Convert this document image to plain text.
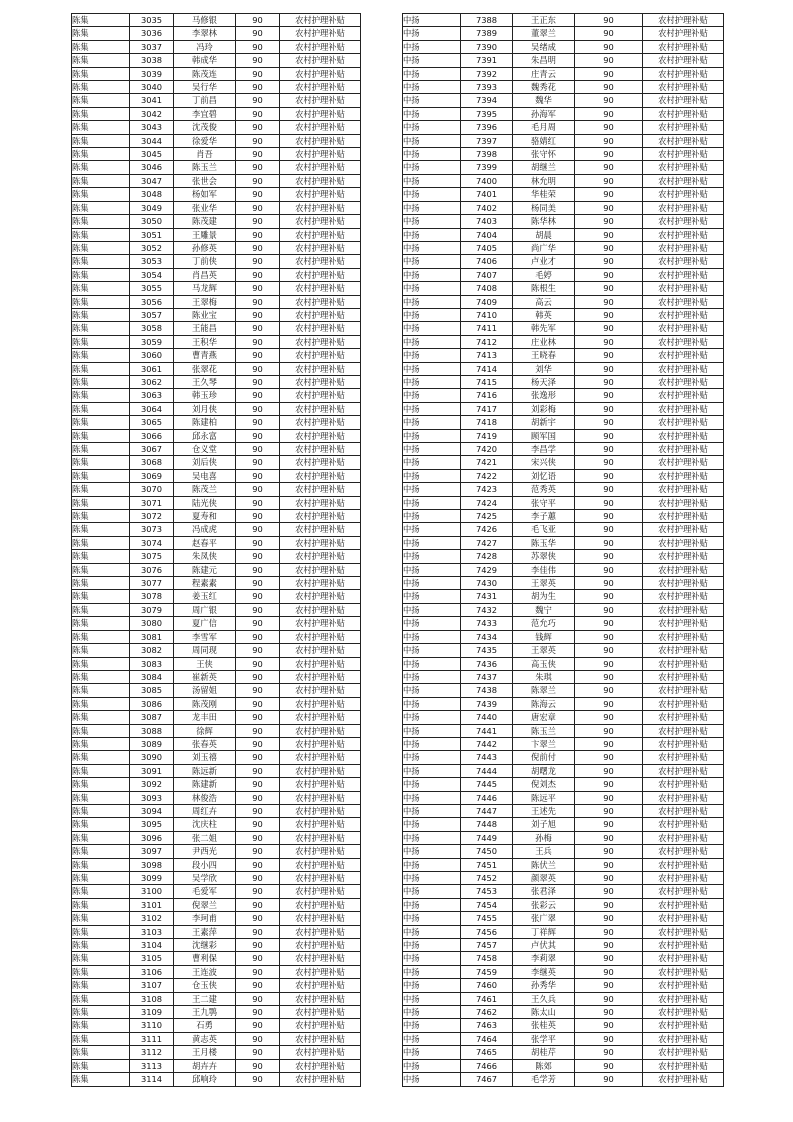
陈集	3035	马修银	90	农村护理补贴
陈集	3036	李翠林	90	农村护理补贴
陈集	3037	冯玲	90	农村护理补贴
陈集	3038	韩成华	90	农村护理补贴
陈集	3039	陈茂连	90	农村护理补贴
陈集	3040	吴行华	90	农村护理补贴
陈集	3041	丁前昌	90	农村护理补贴
陈集	3042	李宜碧	90	农村护理补贴
陈集	3043	沈茂俊	90	农村护理补贴
陈集	3044	徐爱华	90	农村护理补贴
陈集	3045	肖吾	90	农村护理补贴
陈集	3046	陈玉兰	90	农村护理补贴
陈集	3047	张世会	90	农村护理补贴
陈集	3048	杨如军	90	农村护理补贴
陈集	3049	张业华	90	农村护理补贴
陈集	3050	陈茂建	90	农村护理补贴
陈集	3051	王雕景	90	农村护理补贴
陈集	3052	孙修英	90	农村护理补贴
陈集	3053	丁前侠	90	农村护理补贴
陈集	3054	肖昌英	90	农村护理补贴
陈集	3055	马龙辉	90	农村护理补贴
陈集	3056	王翠梅	90	农村护理补贴
陈集	3057	陈业宝	90	农村护理补贴
陈集	3058	王能昌	90	农村护理补贴
陈集	3059	王积华	90	农村护理补贴
陈集	3060	曹青燕	90	农村护理补贴
陈集	3061	张翠花	90	农村护理补贴
陈集	3062	王久琴	90	农村护理补贴
陈集	3063	韩玉珍	90	农村护理补贴
陈集	3064	刘月侠	90	农村护理补贴
陈集	3065	陈建柏	90	农村护理补贴
陈集	3066	邱永富	90	农村护理补贴
陈集	3067	仓义堂	90	农村护理补贴
陈集	3068	刘后侠	90	农村护理补贴
陈集	3069	吴电喜	90	农村护理补贴
陈集	3070	陈茂兰	90	农村护理补贴
陈集	3071	陆光侠	90	农村护理补贴
陈集	3072	夏寿和	90	农村护理补贴
陈集	3073	冯成虎	90	农村护理补贴
陈集	3074	赵春平	90	农村护理补贴
陈集	3075	朱凤侠	90	农村护理补贴
陈集	3076	陈建元	90	农村护理补贴
陈集	3077	程素素	90	农村护理补贴
陈集	3078	姜玉红	90	农村护理补贴
陈集	3079	周广银	90	农村护理补贴
陈集	3080	夏广信	90	农村护理补贴
陈集	3081	李雪军	90	农村护理补贴
陈集	3082	周同现	90	农村护理补贴
陈集	3083	王侠	90	农村护理补贴
陈集	3084	崔新英	90	农村护理补贴
陈集	3085	汤留姐	90	农村护理补贴
陈集	3086	陈茂刚	90	农村护理补贴
陈集	3087	龙丰田	90	农村护理补贴
陈集	3088	徐辉	90	农村护理补贴
陈集	3089	张春英	90	农村护理补贴
陈集	3090	刘玉禧	90	农村护理补贴
陈集	3091	陈远新	90	农村护理补贴
陈集	3092	陈建新	90	农村护理补贴
陈集	3093	林俊浩	90	农村护理补贴
陈集	3094	周红卉	90	农村护理补贴
陈集	3095	沈庆柱	90	农村护理补贴
陈集	3096	张二姐	90	农村护理补贴
陈集	3097	尹西光	90	农村护理补贴
陈集	3098	段小四	90	农村护理补贴
陈集	3099	吴学欣	90	农村护理补贴
陈集	3100	毛爱军	90	农村护理补贴
陈集	3101	倪翠兰	90	农村护理补贴
陈集	3102	李珂甫	90	农村护理补贴
陈集	3103	王素萍	90	农村护理补贴
陈集	3104	沈继彩	90	农村护理补贴
陈集	3105	曹利保	90	农村护理补贴
陈集	3106	王连波	90	农村护理补贴
陈集	3107	仓玉侠	90	农村护理补贴
陈集	3108	王二建	90	农村护理补贴
陈集	3109	王九鹗	90	农村护理补贴
陈集	3110	石勇	90	农村护理补贴
陈集	3111	黄志英	90	农村护理补贴
陈集	3112	王月楼	90	农村护理补贴
陈集	3113	胡卉卉	90	农村护理补贴
陈集	3114	邱响玲	90	农村护理补贴
中扬	7388	王正东	90	农村护理补贴
中扬	7389	董翠兰	90	农村护理补贴
中扬	7390	吴绪成	90	农村护理补贴
中扬	7391	朱昌明	90	农村护理补贴
中扬	7392	庄青云	90	农村护理补贴
中扬	7393	魏秀花	90	农村护理补贴
中扬	7394	魏华	90	农村护理补贴
中扬	7395	孙海军	90	农村护理补贴
中扬	7396	毛月周	90	农村护理补贴
中扬	7397	骆婧红	90	农村护理补贴
中扬	7398	张守怀	90	农村护理补贴
中扬	7399	胡继兰	90	农村护理补贴
中扬	7400	林允明	90	农村护理补贴
中扬	7401	华桂荣	90	农村护理补贴
中扬	7402	杨同美	90	农村护理补贴
中扬	7403	陈华林	90	农村护理补贴
中扬	7404	胡晨	90	农村护理补贴
中扬	7405	尚广华	90	农村护理补贴
中扬	7406	卢业才	90	农村护理补贴
中扬	7407	毛婷	90	农村护理补贴
中扬	7408	陈根生	90	农村护理补贴
中扬	7409	高云	90	农村护理补贴
中扬	7410	韩英	90	农村护理补贴
中扬	7411	韩先军	90	农村护理补贴
中扬	7412	庄业林	90	农村护理补贴
中扬	7413	王晓春	90	农村护理补贴
中扬	7414	刘华	90	农村护理补贴
中扬	7415	杨天泽	90	农村护理补贴
中扬	7416	张逸形	90	农村护理补贴
中扬	7417	刘彩梅	90	农村护理补贴
中扬	7418	胡新宇	90	农村护理补贴
中扬	7419	顾军国	90	农村护理补贴
中扬	7420	李昌学	90	农村护理补贴
中扬	7421	宋兴侠	90	农村护理补贴
中扬	7422	刘忆语	90	农村护理补贴
中扬	7423	范秀英	90	农村护理补贴
中扬	7424	张守平	90	农村护理补贴
中扬	7425	李子蕙	90	农村护理补贴
中扬	7426	毛飞亚	90	农村护理补贴
中扬	7427	陈玉华	90	农村护理补贴
中扬	7428	苏翠侠	90	农村护理补贴
中扬	7429	李佳伟	90	农村护理补贴
中扬	7430	王翠英	90	农村护理补贴
中扬	7431	胡为生	90	农村护理补贴
中扬	7432	魏宁	90	农村护理补贴
中扬	7433	范允巧	90	农村护理补贴
中扬	7434	钱辉	90	农村护理补贴
中扬	7435	王翠英	90	农村护理补贴
中扬	7436	高玉侠	90	农村护理补贴
中扬	7437	朱琪	90	农村护理补贴
中扬	7438	陈翠兰	90	农村护理补贴
中扬	7439	陈海云	90	农村护理补贴
中扬	7440	唐宏章	90	农村护理补贴
中扬	7441	陈玉兰	90	农村护理补贴
中扬	7442	卞翠兰	90	农村护理补贴
中扬	7443	倪前付	90	农村护理补贴
中扬	7444	胡曙龙	90	农村护理补贴
中扬	7445	倪刘杰	90	农村护理补贴
中扬	7446	陈远平	90	农村护理补贴
中扬	7447	王述先	90	农村护理补贴
中扬	7448	刘子旭	90	农村护理补贴
中扬	7449	孙梅	90	农村护理补贴
中扬	7450	王兵	90	农村护理补贴
中扬	7451	陈伏兰	90	农村护理补贴
中扬	7452	颜翠英	90	农村护理补贴
中扬	7453	张君泽	90	农村护理补贴
中扬	7454	张彩云	90	农村护理补贴
中扬	7455	张广翠	90	农村护理补贴
中扬	7456	丁祥辉	90	农村护理补贴
中扬	7457	卢伏其	90	农村护理补贴
中扬	7458	李莉翠	90	农村护理补贴
中扬	7459	李继英	90	农村护理补贴
中扬	7460	孙秀华	90	农村护理补贴
中扬	7461	王久兵	90	农村护理补贴
中扬	7462	陈太山	90	农村护理补贴
中扬	7463	张桂英	90	农村护理补贴
中扬	7464	张学平	90	农村护理补贴
中扬	7465	胡桂芹	90	农村护理补贴
中扬	7466	陈郊	90	农村护理补贴
中扬	7467	毛学芳	90	农村护理补贴
